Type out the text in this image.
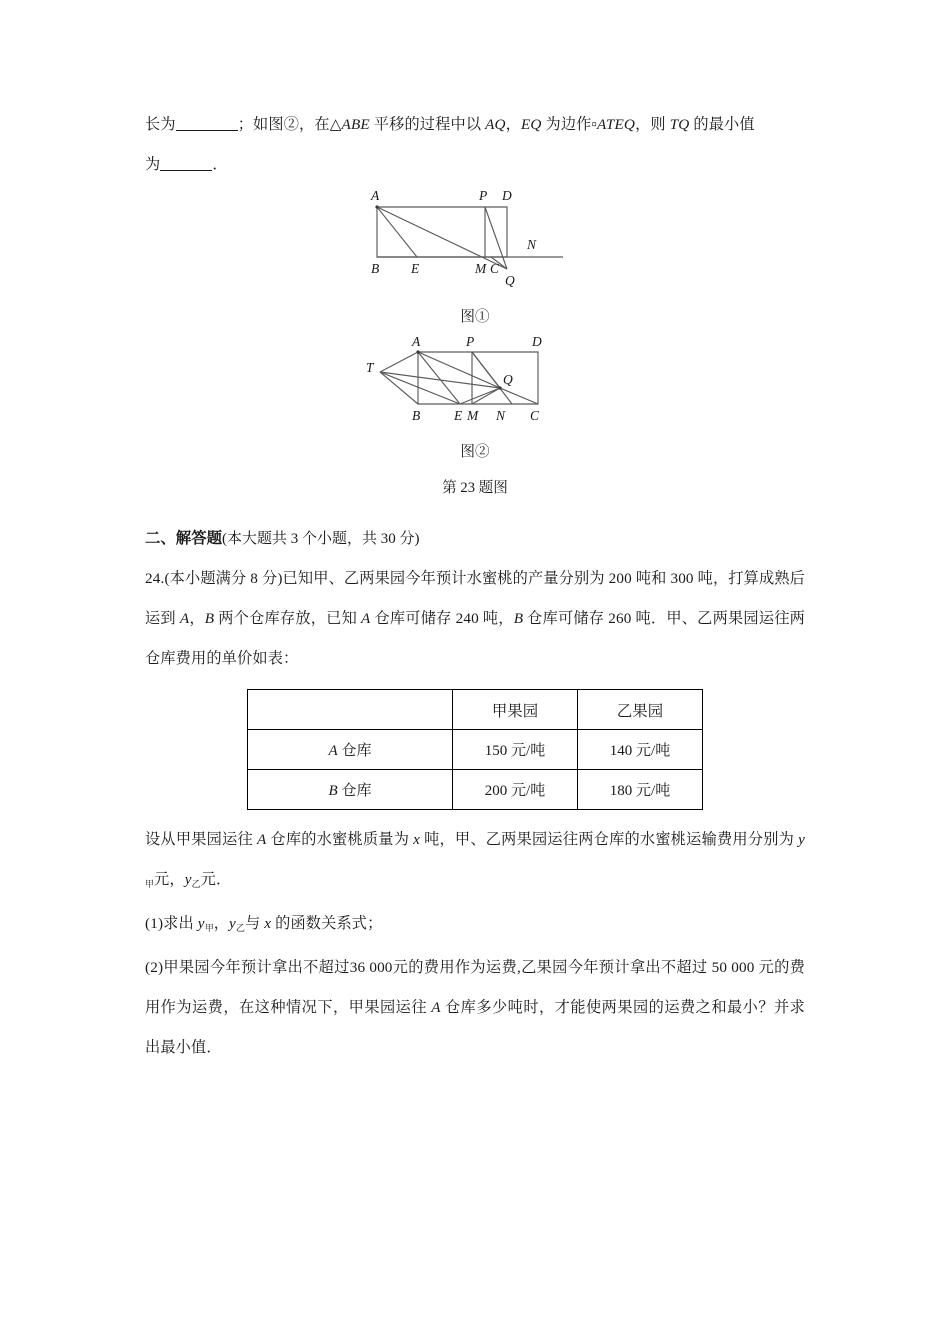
长为	；如图②，在△ABE 平移的过程中以 AQ，EQ 为边作▫ATEQ，则 TQ 的最小值
为	．
A	P D
B E	M C
Q
N
图①
A	P	D
T
Q
B	E M N C
图②
第 23 题图
二、解答题(本大题共 3 个小题，共 30 分)
24.(本小题满分 8 分)已知甲、乙两果园今年预计水蜜桃的产量分别为 200 吨和 300 吨，打算成熟后运到 A，B 两个仓库存放，已知 A 仓库可储存 240 吨，B 仓库可储存 260 吨．甲、乙两果园运往两仓库费用的单价如表：
	甲果园	乙果园
A 仓库	150 元/吨	140 元/吨
B 仓库	200 元/吨	180 元/吨
设从甲果园运往 A 仓库的水蜜桃质量为 x 吨，甲、乙两果园运往两仓库的水蜜桃运输费用分别为 $y_甲$元，$y_乙$元．
(1)求出 $y_甲$，$y_乙$与 x 的函数关系式；
(2)甲果园今年预计拿出不超过36 000元的费用作为运费,乙果园今年预计拿出不超过 50 000 元的费用作为运费，在这种情况下，甲果园运往 A 仓库多少吨时，才能使两果园的运费之和最小？并求出最小值．
